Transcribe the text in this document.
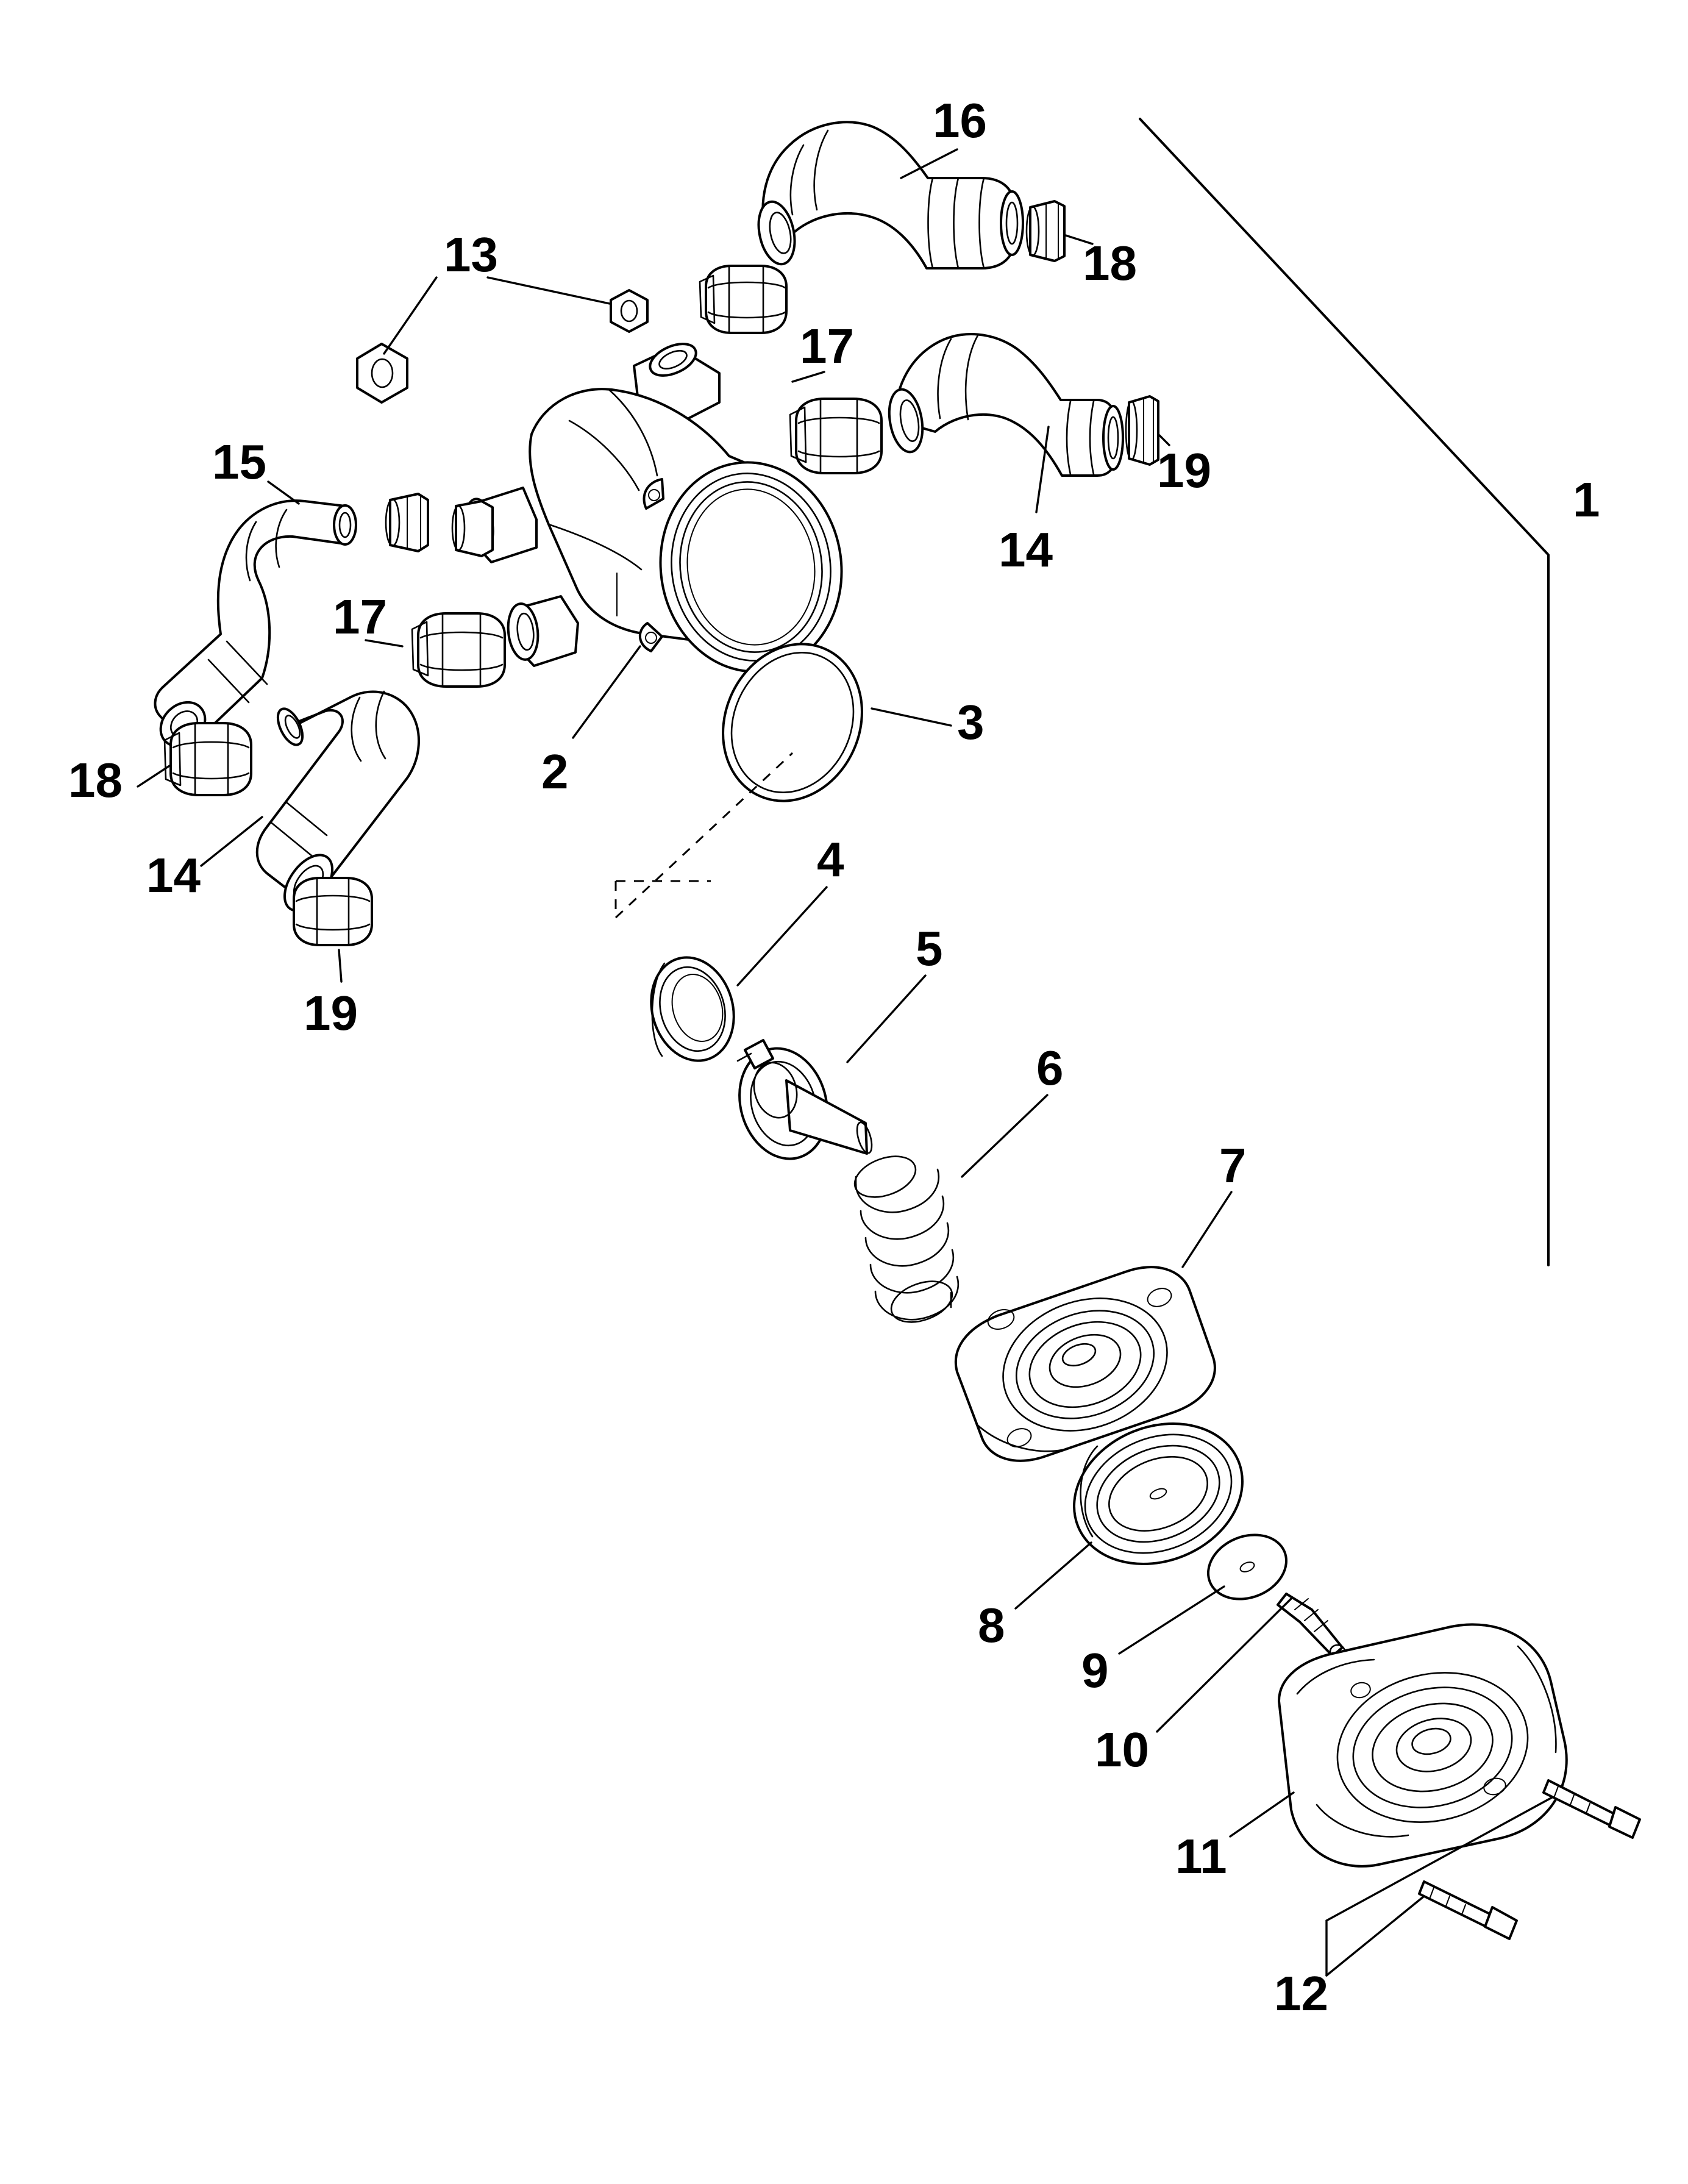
1
2
3
4
5
6
7
8
9
10
11
12
13
14
14
15
16
17
17
18
18
19
19
